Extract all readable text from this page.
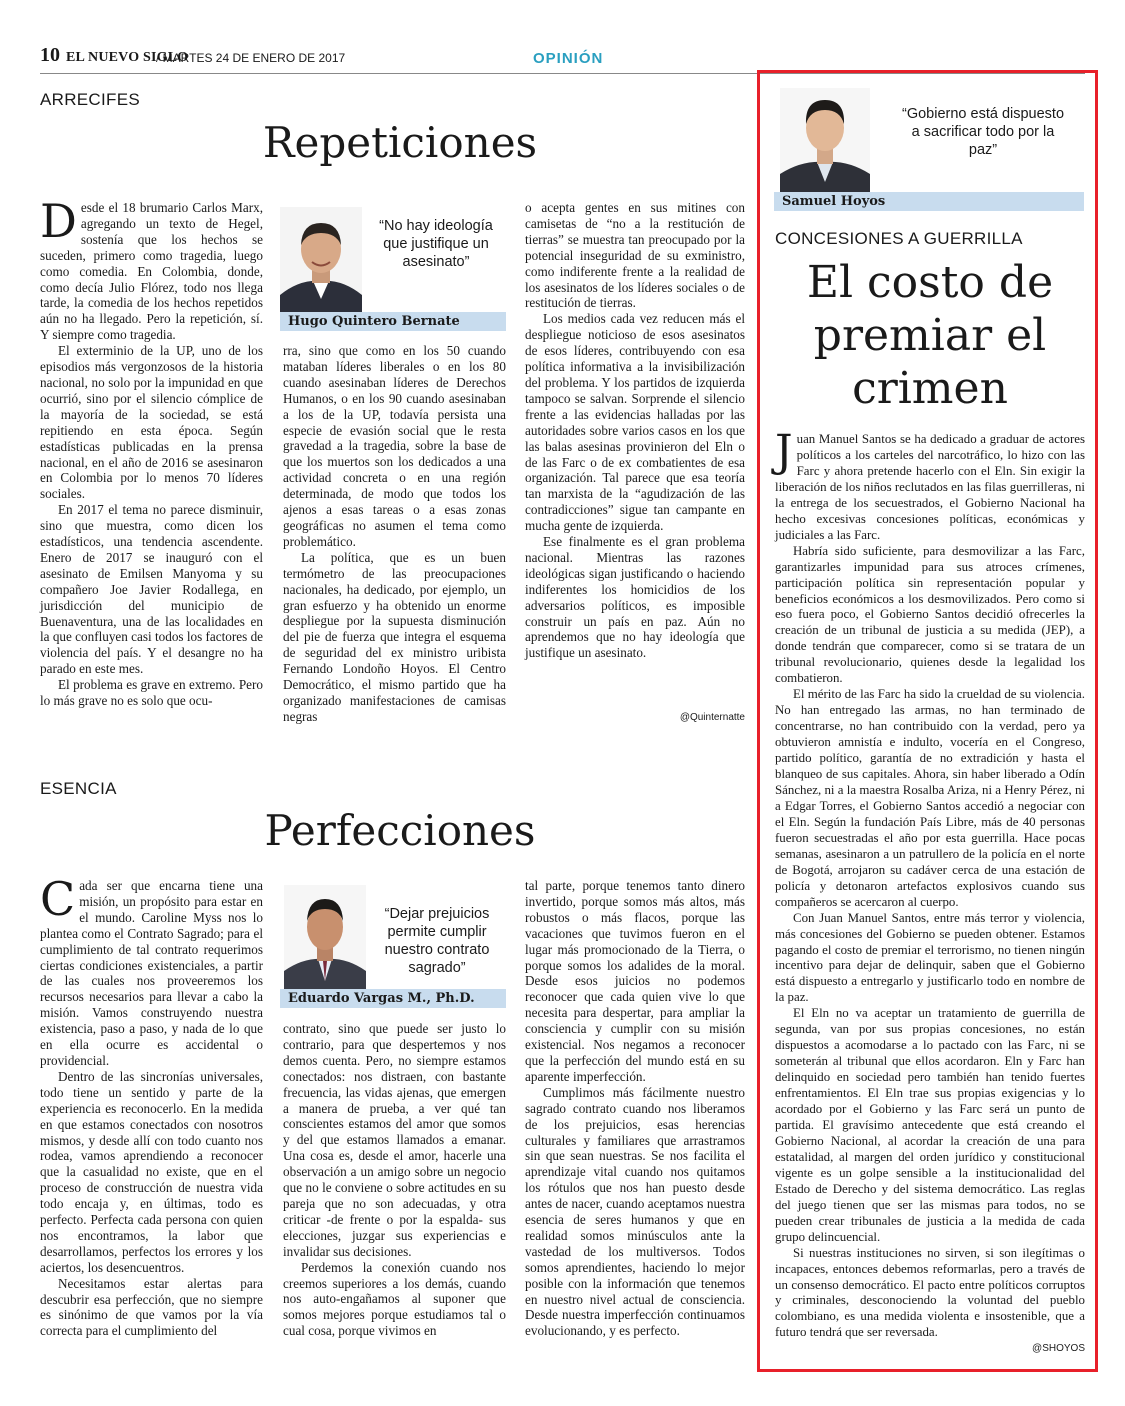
10 EL NUEVO SIGLO
/ MARTES 24 DE ENERO DE 2017	OPINIÓN
ARRECIFES
Repeticiones
D esde el 18 brumario Carlos Marx, agregando un texto de Hegel, sostenía que los hechos se suceden, primero como tragedia, luego como comedia. En Colombia, donde, como decía Julio Flórez, todo nos llega tarde, la comedia de los hechos repetidos aún no ha llegado. Pero la repetición, sí. Y siempre como tragedia.

El exterminio de la UP, uno de los episodios más vergonzosos de la historia nacional, no solo por la impunidad en que ocurrió, sino por el silencio cómplice de la mayoría de la sociedad, se está repitiendo en esta época. Según estadísticas publicadas en la prensa nacional, en el año de 2016 se asesinaron en Colombia por lo menos 70 líderes sociales.

En 2017 el tema no parece disminuir, sino que muestra, como dicen los estadísticos, una tendencia ascendente. Enero de 2017 se inauguró con el asesinato de Emilsen Manyoma y su compañero Joe Javier Rodallega, en jurisdicción del municipio de Buenaventura, una de las localidades en la que confluyen casi todos los factores de violencia del país. Y el desangre no ha parado en este mes.

El problema es grave en extremo. Pero lo más grave no es solo que ocu-

“No hay ideología que justifique un asesinato”
Hugo Quintero Bernate

rra, sino que como en los 50 cuando mataban líderes liberales o en los 80 cuando asesinaban líderes de Derechos Humanos, o en los 90 cuando asesinaban a los de la UP, todavía persista una especie de evasión social que le resta gravedad a la tragedia, sobre la base de que los muertos son los dedicados a una actividad concreta o en una región determinada, de modo que todos los ajenos a esas tareas o a esas zonas geográficas no asumen el tema como problemático.

La política, que es un buen termómetro de las preocupaciones nacionales, ha dedicado, por ejemplo, un gran esfuerzo y ha obtenido un enorme despliegue por la supuesta disminución del pie de fuerza que integra el esquema de seguridad del ex ministro uribista Fernando Londoño Hoyos. El Centro Democrático, el mismo partido que ha organizado manifestaciones de camisas negras

o acepta gentes en sus mitines con camisetas de “no a la restitución de tierras” se muestra tan preocupado por la potencial inseguridad de su exministro, como indiferente frente a la realidad de los asesinatos de los líderes sociales o de restitución de tierras.

Los medios cada vez reducen más el despliegue noticioso de esos asesinatos de esos líderes, contribuyendo con esa política informativa a la invisibilización del problema. Y los partidos de izquierda tampoco se salvan. Sorprende el silencio frente a las evidencias halladas por las autoridades sobre varios casos en los que las balas asesinas provinieron del Eln o de las Farc o de ex combatientes de esa organización. Tal parece que esa teoría tan marxista de la “agudización de las contradicciones” sigue tan campante en mucha gente de izquierda.

Ese finalmente es el gran problema nacional. Mientras las razones ideológicas sigan justificando o haciendo indiferentes los homicidios de los adversarios políticos, es imposible construir un país en paz. Aún no aprendemos que no hay ideología que justifique un asesinato.

@Quinternatte
ESENCIA
Perfecciones
C ada ser que encarna tiene una misión, un propósito para estar en el mundo. Caroline Myss nos lo plantea como el Contrato Sagrado; para el cumplimiento de tal contrato requerimos ciertas condiciones existenciales, a partir de las cuales nos proveeremos los recursos necesarios para llevar a cabo la misión. Vamos construyendo nuestra existencia, paso a paso, y nada de lo que en ella ocurre es accidental o providencial.

Dentro de las sincronías universales, todo tiene un sentido y parte de la experiencia es reconocerlo. En la medida en que estamos conectados con nosotros mismos, y desde allí con todo cuanto nos rodea, vamos aprendiendo a reconocer que la casualidad no existe, que en el proceso de construcción de nuestra vida todo encaja y, en últimas, todo es perfecto. Perfecta cada persona con quien nos encontramos, la labor que desarrollamos, perfectos los errores y los aciertos, los desencuentros.

Necesitamos estar alertas para descubrir esa perfección, que no siempre es sinónimo de que vamos por la vía correcta para el cumplimiento del

“Dejar prejuicios permite cumplir nuestro contrato sagrado”
Eduardo Vargas M., Ph.D.

contrato, sino que puede ser justo lo contrario, para que despertemos y nos demos cuenta. Pero, no siempre estamos conectados: nos distraen, con bastante frecuencia, las vidas ajenas, que emergen a manera de prueba, a ver qué tan conscientes estamos del amor que somos y del que estamos llamados a emanar. Una cosa es, desde el amor, hacerle una observación a un amigo sobre un negocio que no le conviene o sobre actitudes en su pareja que no son adecuadas, y otra criticar -de frente o por la espalda- sus elecciones, juzgar sus experiencias e invalidar sus decisiones.

Perdemos la conexión cuando nos creemos superiores a los demás, cuando nos auto-engañamos al suponer que somos mejores porque estudiamos tal o cual cosa, porque vivimos en

tal parte, porque tenemos tanto dinero invertido, porque somos más altos, más robustos o más flacos, porque las vacaciones que tuvimos fueron en el lugar más promocionado de la Tierra, o porque somos los adalides de la moral. Desde esos juicios no podemos reconocer que cada quien vive lo que necesita para despertar, para ampliar la consciencia y cumplir con su misión existencial. Nos negamos a reconocer que la perfección del mundo está en su aparente imperfección.

Cumplimos más fácilmente nuestro sagrado contrato cuando nos liberamos de los prejuicios, esas herencias culturales y familiares que arrastramos sin que sean nuestras. Se nos facilita el aprendizaje vital cuando nos quitamos los rótulos que nos han puesto desde antes de nacer, cuando aceptamos nuestra esencia de seres humanos y que en realidad somos minúsculos ante la vastedad de los multiversos. Todos somos aprendientes, haciendo lo mejor posible con la información que tenemos en nuestro nivel actual de consciencia. Desde nuestra imperfección continuamos evolucionando, y es perfecto.

“Gobierno está dispuesto a sacrificar todo por la paz”
Samuel Hoyos
CONCESIONES A GUERRILLA
El costo de premiar el crimen
J uan Manuel Santos se ha dedicado a graduar de actores políticos a los carteles del narcotráfico, lo hizo con las Farc y ahora pretende hacerlo con el Eln. Sin exigir la liberación de los niños reclutados en las filas guerrilleras, ni la entrega de los secuestrados, el Gobierno Nacional ha hecho excesivas concesiones políticas, económicas y judiciales a las Farc.

Habría sido suficiente, para desmovilizar a las Farc, garantizarles impunidad para sus atroces crímenes, participación política sin representación popular y beneficios económicos a los desmovilizados. Pero como si eso fuera poco, el Gobierno Santos decidió ofrecerles la creación de un tribunal de justicia a su medida (JEP), a donde tendrán que comparecer, como si se tratara de un tribunal revolucionario, quienes desde la legalidad los combatieron.

El mérito de las Farc ha sido la crueldad de su violencia. No han entregado las armas, no han terminado de concentrarse, no han contribuido con la verdad, pero ya obtuvieron amnistía e indulto, vocería en el Congreso, partido político, garantía de no extradición y hasta el blanqueo de sus capitales. Ahora, sin haber liberado a Odín Sánchez, ni a la maestra Rosalba Ariza, ni a Henry Pérez, ni a Edgar Torres, el Gobierno Santos accedió a negociar con el Eln. Según la fundación País Libre, más de 40 personas fueron secuestradas el año por esta guerrilla. Hace pocas semanas, asesinaron a un patrullero de la policía en el norte de Bogotá, arrojaron su cadáver cerca de una estación de policía y detonaron artefactos explosivos cuando sus compañeros se acercaron al cuerpo.

Con Juan Manuel Santos, entre más terror y violencia, más concesiones del Gobierno se pueden obtener. Estamos pagando el costo de premiar el terrorismo, no tienen ningún incentivo para dejar de delinquir, saben que el Gobierno está dispuesto a entregarlo y justificarlo todo en nombre de la paz.

El Eln no va aceptar un tratamiento de guerrilla de segunda, van por sus propias concesiones, no están dispuestos a acomodarse a lo pactado con las Farc, ni se someterán al tribunal que ellos acordaron. Eln y Farc han delinquido en sociedad pero también han tenido fuertes enfrentamientos. El Eln trae sus propias exigencias y lo acordado por el Gobierno y las Farc será un punto de partida. El gravísimo antecedente que está creando el Gobierno Nacional, al acordar la creación de una para estatalidad, al margen del orden jurídico y constitucional vigente es un golpe sensible a la institucionalidad del Estado de Derecho y del sistema democrático. Las reglas del juego tienen que ser las mismas para todos, no se pueden crear tribunales de justicia a la medida de cada grupo delincuencial.

Si nuestras instituciones no sirven, si son ilegítimas o incapaces, entonces debemos reformarlas, pero a través de un consenso democrático. El pacto entre políticos corruptos y criminales, desconociendo la voluntad del pueblo colombiano, es una medida violenta e insostenible, que a futuro tendrá que ser reversada.

@SHOYOS
